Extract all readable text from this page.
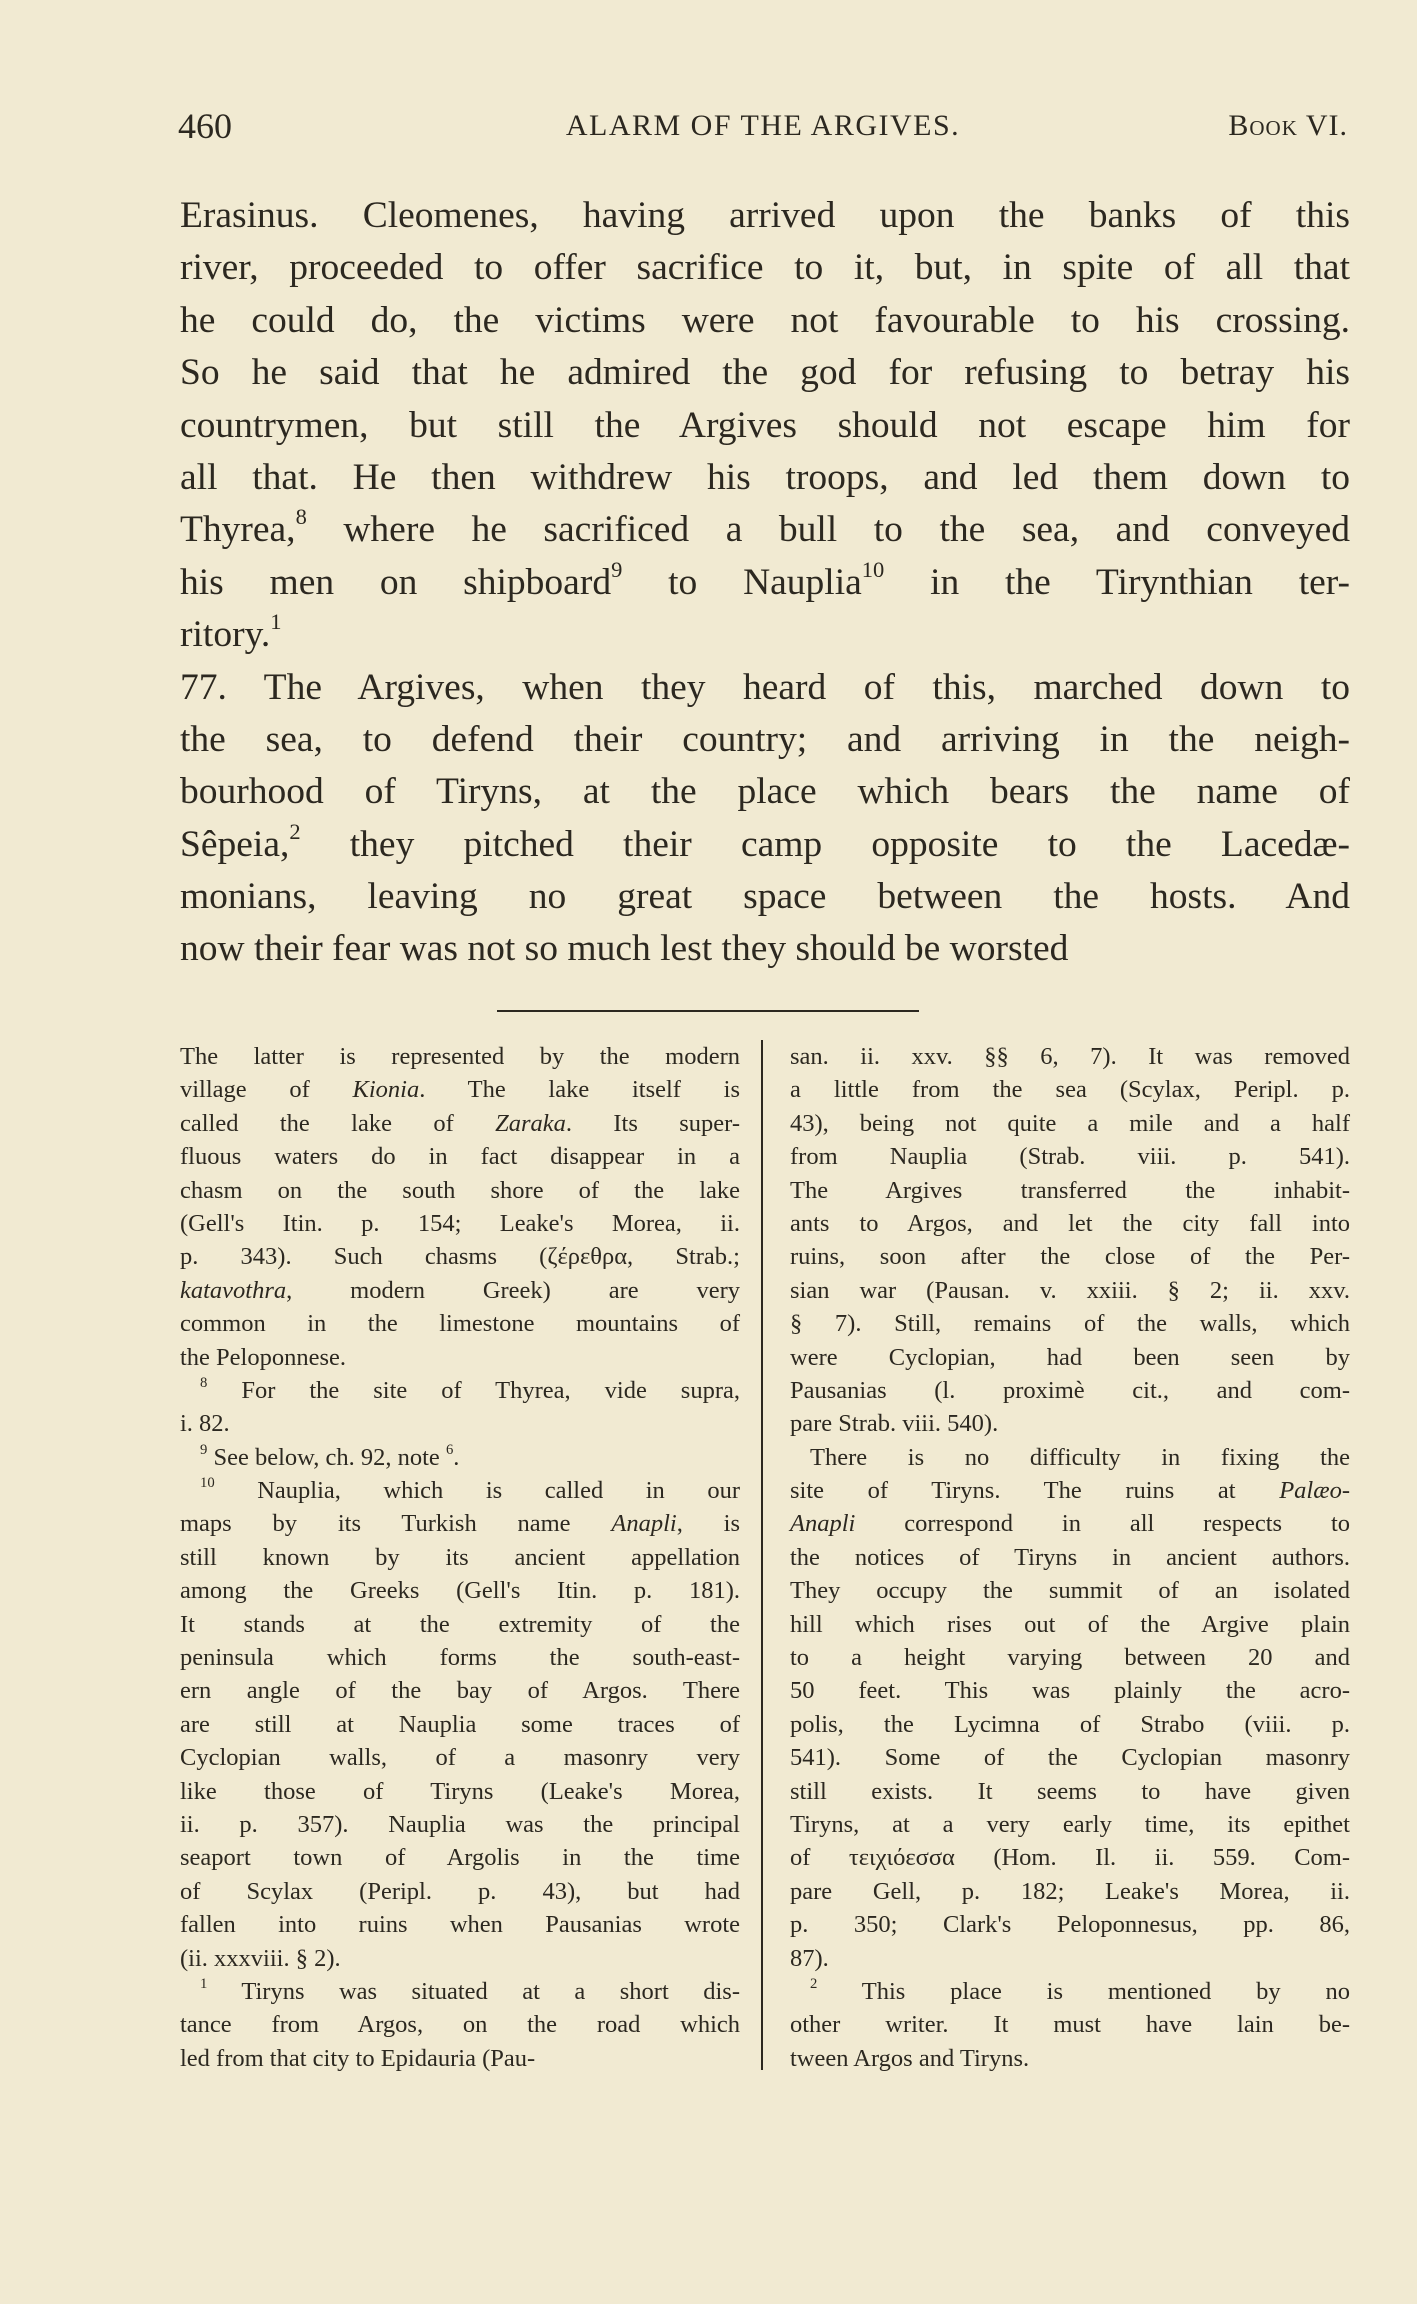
460	ALARM OF THE ARGIVES.	Book VI.
Erasinus. Cleomenes, having arrived upon the banks of this
river, proceeded to offer sacrifice to it, but, in spite of all that
he could do, the victims were not favourable to his crossing.
So he said that he admired the god for refusing to betray his
countrymen, but still the Argives should not escape him for
all that. He then withdrew his troops, and led them down to
Thyrea,$^8$ where he sacrificed a bull to the sea, and conveyed
his men on shipboard$^9$ to Nauplia$^{10}$ in the Tirynthian ter-
ritory.$^1$
77. The Argives, when they heard of this, marched down to
the sea, to defend their country; and arriving in the neigh-
bourhood of Tiryns, at the place which bears the name of
Sêpeia,$^2$ they pitched their camp opposite to the Lacedæ-
monians, leaving no great space between the hosts. And
now their fear was not so much lest they should be worsted
The latter is represented by the modern
village of Kionia. The lake itself is
called the lake of Zaraka. Its super-
fluous waters do in fact disappear in a
chasm on the south shore of the lake
(Gell's Itin. p. 154; Leake's Morea, ii.
p. 343). Such chasms (ζέρεθρα, Strab.;
katavothra, modern Greek) are very
common in the limestone mountains of
the Peloponnese.
$^8$ For the site of Thyrea, vide supra,
i. 82.
$^9$ See below, ch. 92, note $^6$.
$^{10}$ Nauplia, which is called in our
maps by its Turkish name Anapli, is
still known by its ancient appellation
among the Greeks (Gell's Itin. p. 181).
It stands at the extremity of the
peninsula which forms the south-east-
ern angle of the bay of Argos. There
are still at Nauplia some traces of
Cyclopian walls, of a masonry very
like those of Tiryns (Leake's Morea,
ii. p. 357). Nauplia was the principal
seaport town of Argolis in the time
of Scylax (Peripl. p. 43), but had
fallen into ruins when Pausanias wrote
(ii. xxxviii. § 2).
$^1$ Tiryns was situated at a short dis-
tance from Argos, on the road which
led from that city to Epidauria (Pau-
san. ii. xxv. §§ 6, 7). It was removed
a little from the sea (Scylax, Peripl. p.
43), being not quite a mile and a half
from Nauplia (Strab. viii. p. 541).
The Argives transferred the inhabit-
ants to Argos, and let the city fall into
ruins, soon after the close of the Per-
sian war (Pausan. v. xxiii. § 2; ii. xxv.
§ 7). Still, remains of the walls, which
were Cyclopian, had been seen by
Pausanias (l. proximè cit., and com-
pare Strab. viii. 540).
There is no difficulty in fixing the
site of Tiryns. The ruins at Palæo-
Anapli correspond in all respects to
the notices of Tiryns in ancient authors.
They occupy the summit of an isolated
hill which rises out of the Argive plain
to a height varying between 20 and
50 feet. This was plainly the acro-
polis, the Lycimna of Strabo (viii. p.
541). Some of the Cyclopian masonry
still exists. It seems to have given
Tiryns, at a very early time, its epithet
of τειχιόεσσα (Hom. Il. ii. 559. Com-
pare Gell, p. 182; Leake's Morea, ii.
p. 350; Clark's Peloponnesus, pp. 86,
87).
$^2$ This place is mentioned by no
other writer. It must have lain be-
tween Argos and Tiryns.
